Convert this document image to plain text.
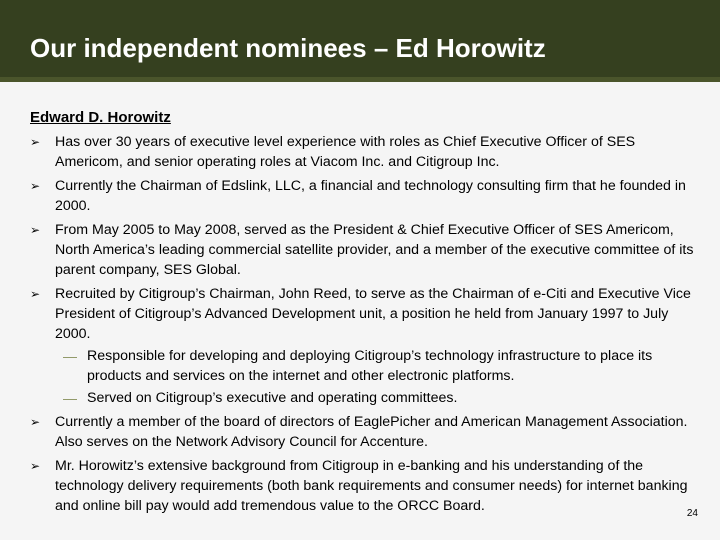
Our independent nominees – Ed Horowitz
Edward D. Horowitz
➢ Has over 30 years of executive level experience with roles as Chief Executive Officer of SES Americom, and senior operating roles at Viacom Inc. and Citigroup Inc.
➢ Currently the Chairman of Edslink, LLC, a financial and technology consulting firm that he founded in 2000.
➢ From May 2005 to May 2008, served as the President & Chief Executive Officer of SES Americom, North America’s leading commercial satellite provider, and a member of the executive committee of its parent company, SES Global.
➢ Recruited by Citigroup’s Chairman, John Reed, to serve as the Chairman of e-Citi and Executive Vice President of Citigroup’s Advanced Development unit, a position he held from January 1997 to July 2000.
— Responsible for developing and deploying Citigroup’s technology infrastructure to place its products and services on the internet and other electronic platforms.
— Served on Citigroup’s executive and operating committees.
➢ Currently a member of the board of directors of EaglePicher and American Management Association. Also serves on the Network Advisory Council for Accenture.
➢ Mr. Horowitz’s extensive background from Citigroup in e-banking and his understanding of the technology delivery requirements (both bank requirements and consumer needs) for internet banking and online bill pay would add tremendous value to the ORCC Board.	24
